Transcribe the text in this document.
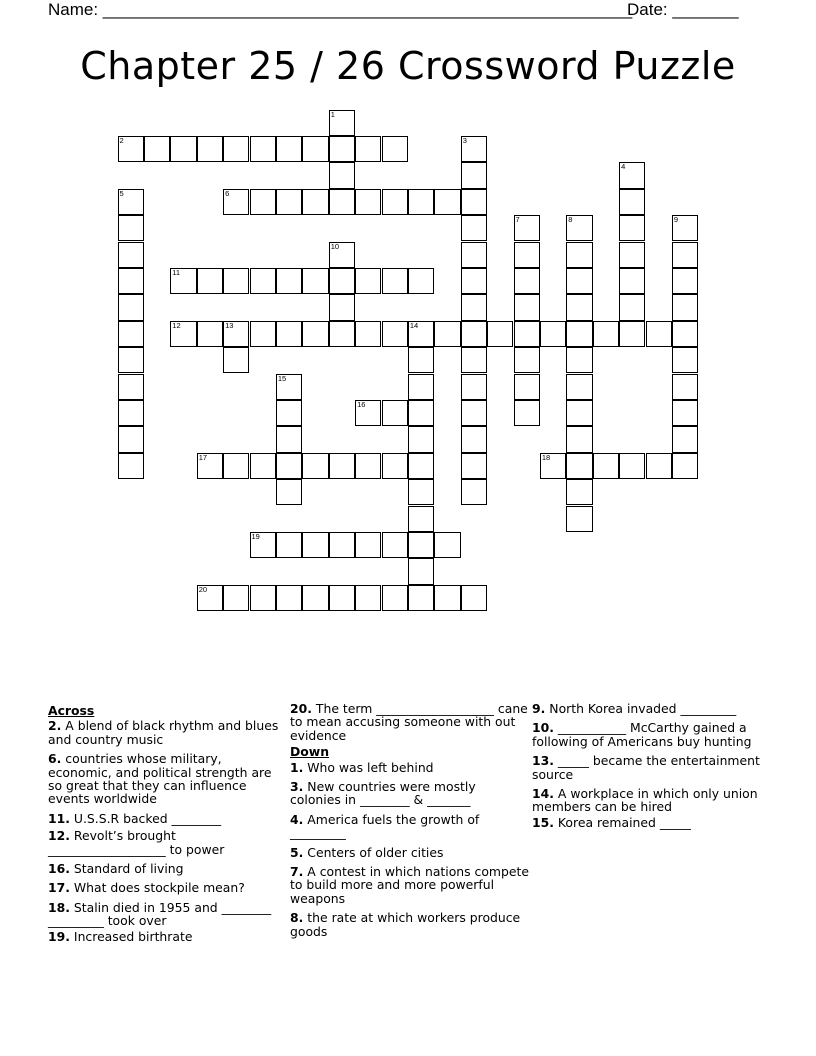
Name: ________________________________________________________
Date: _______
Chapter 25 / 26 Crossword Puzzle
2
6
11
12	13	14
16
17	18
19
20
1
3
4
5
7	8	9
10
15
Across
2. A blend of black rhythm and blues and country music
6. countries whose military, economic, and political strength are so great that they can influence events worldwide
11. U.S.S.R backed ________
12. Revolt’s brought ___________________ to power
16. Standard of living
17. What does stockpile mean?
18. Stalin died in 1955 and ________ _________ took over
19. Increased birthrate
20. The term ___________________ cane to mean accusing someone with out evidence
Down
1. Who was left behind
3. New countries were mostly colonies in ________ & _______
4. America fuels the growth of _________
5. Centers of older cities
7. A contest in which nations compete to build more and more powerful weapons
8. the rate at which workers produce goods
9. North Korea invaded _________
10. ___________ McCarthy gained a following of Americans buy hunting
13. _____ became the entertainment source
14. A workplace in which only union members can be hired
15. Korea remained _____
